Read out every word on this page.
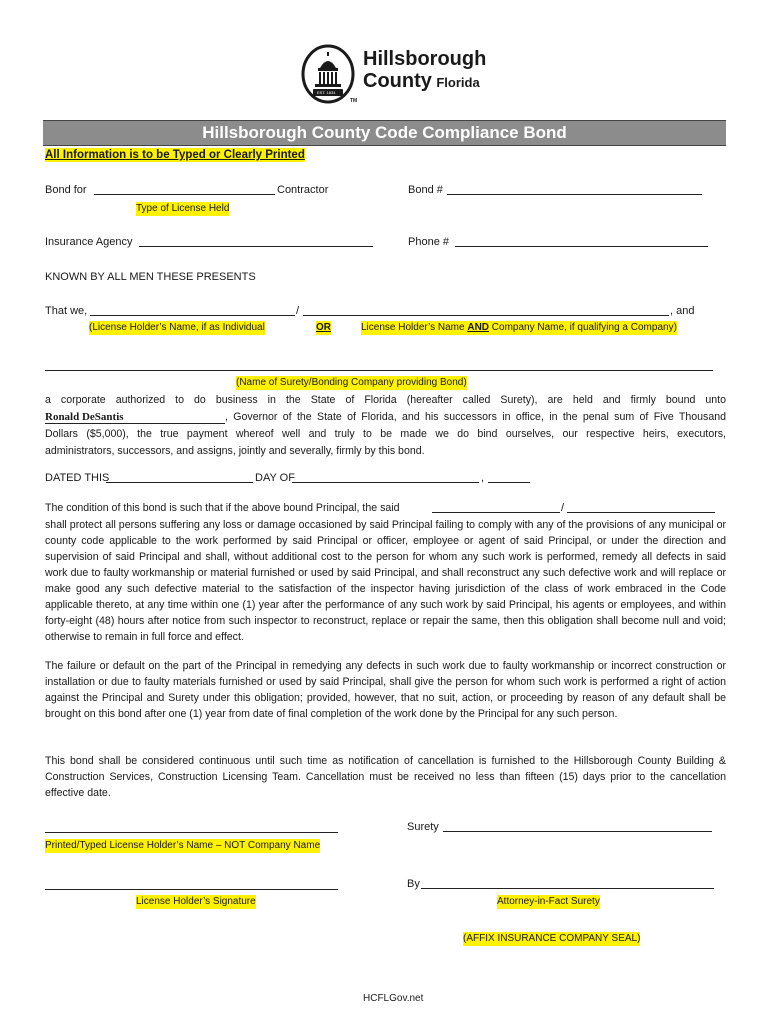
EST. 1834
Hillsborough
County Florida
TM
Hillsborough County Code Compliance Bond
All Information is to be Typed or Clearly Printed
Bond for	Contractor	Bond #
Type of License Held
Insurance Agency	Phone #
KNOWN BY ALL MEN THESE PRESENTS
That we,	/	, and
(License Holder’s Name, if as Individual	OR	License Holder’s Name AND Company Name, if qualifying a Company)
(Name of Surety/Bonding Company providing Bond)
a corporate authorized to do business in the State of Florida (hereafter called Surety), are held and firmly bound unto
Ronald DeSantis	, Governor of the State of Florida, and his successors in office, in the penal sum of Five Thousand
Dollars ($5,000), the true payment whereof well and truly to be made we do bind ourselves, our respective heirs, executors,
administrators, successors, and assigns, jointly and severally, firmly by this bond.
DATED THIS	DAY OF	,
The condition of this bond is such that if the above bound Principal, the said	/
shall protect all persons suffering any loss or damage occasioned by said Principal failing to comply with any of the provisions of any municipal or county code applicable to the work performed by said Principal or officer, employee or agent of said Principal, or under the direction and supervision of said Principal and shall, without additional cost to the person for whom any such work is performed, remedy all defects in said work due to faulty workmanship or material furnished or used by said Principal, and shall reconstruct any such defective work and will replace or make good any such defective material to the satisfaction of the inspector having jurisdiction of the class of work embraced in the Code applicable thereto, at any time within one (1) year after the performance of any such work by said Principal, his agents or employees, and within forty-eight (48) hours after notice from such inspector to reconstruct, replace or repair the same, then this obligation shall become null and void; otherwise to remain in full force and effect.
The failure or default on the part of the Principal in remedying any defects in such work due to faulty workmanship or incorrect construction or installation or due to faulty materials furnished or used by said Principal, shall give the person for whom such work is performed a right of action against the Principal and Surety under this obligation; provided, however, that no suit, action, or proceeding by reason of any default shall be brought on this bond after one (1) year from date of final completion of the work done by the Principal for any such person.
This bond shall be considered continuous until such time as notification of cancellation is furnished to the Hillsborough County Building & Construction Services, Construction Licensing Team. Cancellation must be received no less than fifteen (15) days prior to the cancellation effective date.
Surety
Printed/Typed License Holder’s Name – NOT Company Name
By
License Holder’s Signature	Attorney-in-Fact Surety
(AFFIX INSURANCE COMPANY SEAL)
HCFLGov.net
